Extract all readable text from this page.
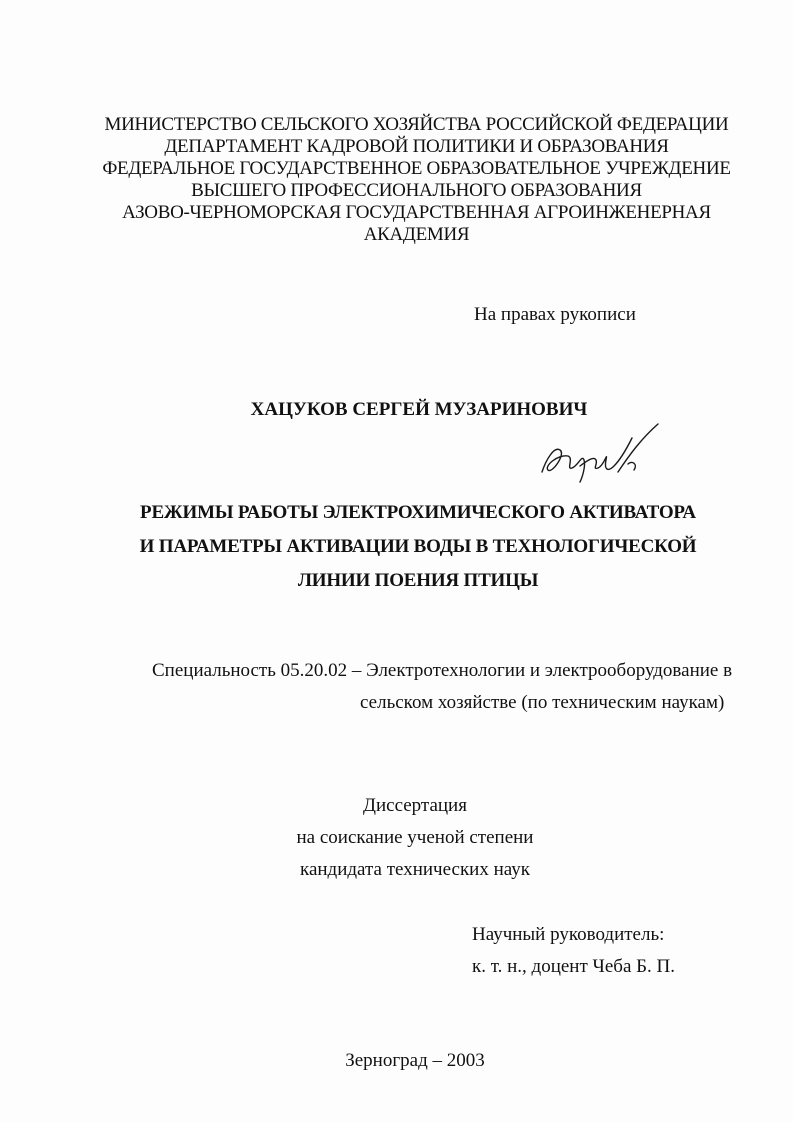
МИНИСТЕРСТВО СЕЛЬСКОГО ХОЗЯЙСТВА РОССИЙСКОЙ ФЕДЕРАЦИИ
ДЕПАРТАМЕНТ КАДРОВОЙ ПОЛИТИКИ И ОБРАЗОВАНИЯ
ФЕДЕРАЛЬНОЕ ГОСУДАРСТВЕННОЕ ОБРАЗОВАТЕЛЬНОЕ УЧРЕЖДЕНИЕ
ВЫСШЕГО ПРОФЕССИОНАЛЬНОГО ОБРАЗОВАНИЯ
АЗОВО-ЧЕРНОМОРСКАЯ ГОСУДАРСТВЕННАЯ АГРОИНЖЕНЕРНАЯ
АКАДЕМИЯ
На правах рукописи
ХАЦУКОВ СЕРГЕЙ МУЗАРИНОВИЧ
РЕЖИМЫ РАБОТЫ ЭЛЕКТРОХИМИЧЕСКОГО АКТИВАТОРА
И ПАРАМЕТРЫ АКТИВАЦИИ ВОДЫ В ТЕХНОЛОГИЧЕСКОЙ
ЛИНИИ ПОЕНИЯ ПТИЦЫ
Специальность 05.20.02 – Электротехнологии и электрооборудование в
сельском хозяйстве (по техническим наукам)
Диссертация
на соискание ученой степени
кандидата технических наук
Научный руководитель:
к. т. н., доцент Чеба Б. П.
Зерноград – 2003
